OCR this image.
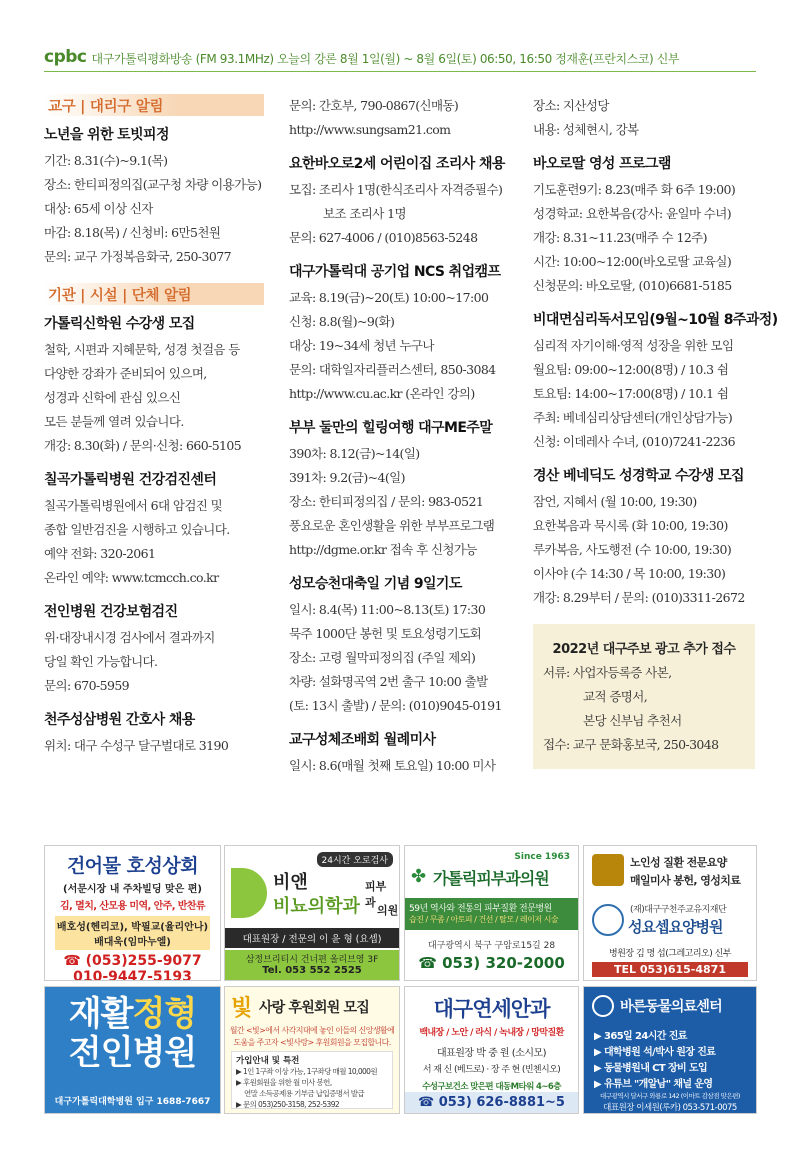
cpbc 대구가톨릭평화방송 (FM 93.1MHz) 오늘의 강론 8월 1일(월) ~ 8월 6일(토) 06:50, 16:50 정재훈(프란치스코) 신부
교구 | 대리구 알림
노년을 위한 토빗피정
기간: 8.31(수)~9.1(목)
장소: 한티피정의집(교구청 차량 이용가능)
대상: 65세 이상 신자
마감: 8.18(목) / 신청비: 6만5천원
문의: 교구 가정복음화국, 250-3077
기관 | 시설 | 단체 알림
가톨릭신학원 수강생 모집
철학, 시편과 지혜문학, 성경 첫걸음 등
다양한 강좌가 준비되어 있으며,
성경과 신학에 관심 있으신
모든 분들께 열려 있습니다.
개강: 8.30(화) / 문의·신청: 660-5105
칠곡가톨릭병원 건강검진센터
칠곡가톨릭병원에서 6대 암검진 및
종합 일반검진을 시행하고 있습니다.
예약 전화: 320-2061
온라인 예약: www.tcmcch.co.kr
전인병원 건강보험검진
위·대장내시경 검사에서 결과까지
당일 확인 가능합니다.
문의: 670-5959
천주성삼병원 간호사 채용
위치: 대구 수성구 달구벌대로 3190
문의: 간호부, 790-0867(신매동)
http://www.sungsam21.com
요한바오로2세 어린이집 조리사 채용
모집: 조리사 1명(한식조리사 자격증필수)
보조 조리사 1명
문의: 627-4006 / (010)8563-5248
대구가톨릭대 공기업 NCS 취업캠프
교육: 8.19(금)~20(토) 10:00~17:00
신청: 8.8(월)~9(화)
대상: 19~34세 청년 누구나
문의: 대학일자리플러스센터, 850-3084
http://www.cu.ac.kr (온라인 강의)
부부 둘만의 힐링여행 대구ME주말
390차: 8.12(금)~14(일)
391차: 9.2(금)~4(일)
장소: 한티피정의집 / 문의: 983-0521
풍요로운 혼인생활을 위한 부부프로그램
http://dgme.or.kr 접속 후 신청가능
성모승천대축일 기념 9일기도
일시: 8.4(목) 11:00~8.13(토) 17:30
묵주 1000단 봉헌 및 토요성령기도회
장소: 고령 월막피정의집 (주일 제외)
차량: 설화명곡역 2번 출구 10:00 출발
(토: 13시 출발) / 문의: (010)9045-0191
교구성체조배회 월례미사
일시: 8.6(매월 첫째 토요일) 10:00 미사
장소: 지산성당
내용: 성체현시, 강복
바오로딸 영성 프로그램
기도훈련9기: 8.23(매주 화 6주 19:00)
성경학교: 요한복음(강사: 윤일마 수녀)
개강: 8.31~11.23(매주 수 12주)
시간: 10:00~12:00(바오로딸 교육실)
신청문의: 바오로딸, (010)6681-5185
비대면심리독서모임(9월~10월 8주과정)
심리적 자기이해·영적 성장을 위한 모임
월요팀: 09:00~12:00(8명) / 10.3 쉼
토요팀: 14:00~17:00(8명) / 10.1 쉼
주최: 베네심리상담센터(개인상담가능)
신청: 이데레사 수녀, (010)7241-2236
경산 베네딕도 성경학교 수강생 모집
잠언, 지혜서 (월 10:00, 19:30)
요한복음과 묵시록 (화 10:00, 19:30)
루카복음, 사도행전 (수 10:00, 19:30)
이사야 (수 14:30 / 목 10:00, 19:30)
개강: 8.29부터 / 문의: (010)3311-2672
2022년 대구주보 광고 추가 접수
서류: 사업자등록증 사본,
교적 증명서,
본당 신부님 추천서
접수: 교구 문화홍보국, 250-3048
건어물 호성상회
(서문시장 내 주차빌딩 맞은 편)
김, 멸치, 산모용 미역, 안주, 반찬류
배호성(헨리코), 박필교(율리안나)
배대욱(임마누엘)
☎ (053)255-9077
010-9447-5193
24시간 오로검사
비앤
비뇨의학과
피부과
의원
대표원장 / 전문의 이 윤 형 (요셉)
삼정브리티시 건너편 올리브영 3F
Tel. 053 552 2525
Since 1963
✤ 가톨릭피부과의원
59년 역사와 전통의 피부질환 전문병원
습진 / 무좀 / 아토피 / 건선 / 탈모 / 레이저 시술
대구광역시 북구 구암로15길 28
☎ 053) 320-2000
노인성 질환 전문요양
매일미사 봉헌, 영성치료
(재)대구구천주교유지재단
성요셉요양병원
병원장 김 명 섭(그레고리오) 신부
TEL 053)615-4871
재활정형
전인병원
대구가톨릭대학병원 입구 1688-7667
빛 사랑 후원회원 모집
월간 <빛>에서 사각지대에 놓인 이들의 신앙생활에
도움을 주고자 <빛사랑> 후원회원을 모집합니다.
가입안내 및 특전
▶ 1인 1구좌 이상 가능, 1구좌당 매월 10,000원
▶ 후원회원을 위한 월 미사 봉헌,
연말 소득공제용 기부금 납입증명서 발급
▶ 문의 053)250-3158, 252-5392
대구연세안과
백내장 / 노안 / 라식 / 녹내장 / 망막질환
대표원장 박 중 원 (소시모)
서 재 신 (베드로) · 장 주 현 (빈첸시오)
수성구보건소 맞은편 대동M타워 4~6층
☎ 053) 626-8881~5
바른동물의료센터
▶ 365일 24시간 진료
▶ 대학병원 석/박사 원장 진료
▶ 동물병원내 CT 장비 도입
▶ 유튜브 "개알남" 채널 운영
대구광역시 달서구 와룡로 142 (이마트 감삼점 맞은편)
대표원장 이세원(루카) 053-571-0075
